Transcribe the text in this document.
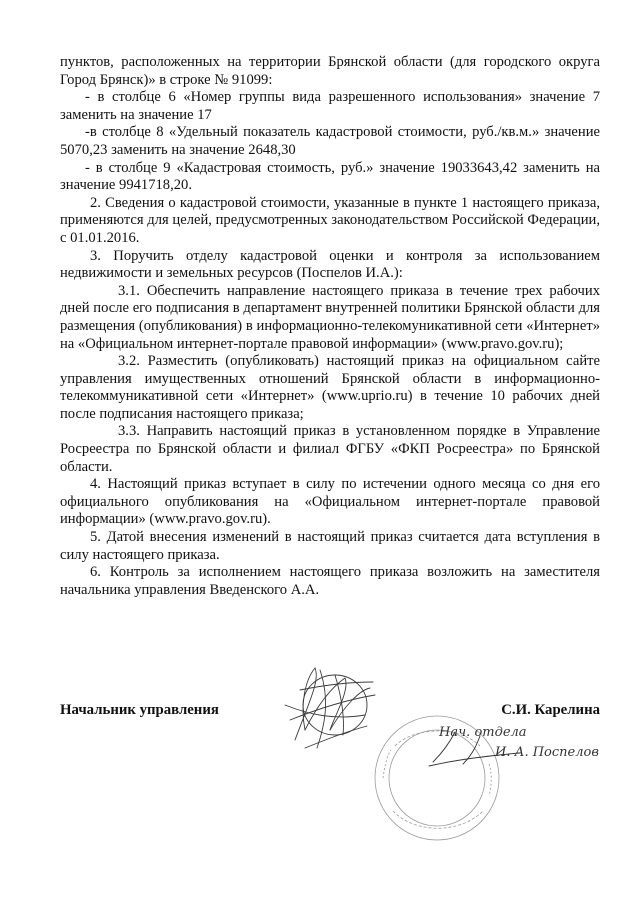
пунктов, расположенных на территории Брянской области (для городского округа Город Брянск)» в строке № 91099:

- в столбце 6 «Номер группы вида разрешенного использования» значение 7 заменить на значение 17

-в столбце 8 «Удельный показатель кадастровой стоимости, руб./кв.м.» значение 5070,23 заменить на значение 2648,30

- в столбце 9 «Кадастровая стоимость, руб.» значение 19033643,42 заменить на значение 9941718,20.

2. Сведения о кадастровой стоимости, указанные в пункте 1 настоящего приказа, применяются для целей, предусмотренных законодательством Российской Федерации, с 01.01.2016.

3. Поручить отделу кадастровой оценки и контроля за использованием недвижимости и земельных ресурсов (Поспелов И.А.):

3.1. Обеспечить направление настоящего приказа в течение трех рабочих дней после его подписания в департамент внутренней политики Брянской области для размещения (опубликования) в информационно-телекомуникативной сети «Интернет» на «Официальном интернет-портале правовой информации» (www.pravo.gov.ru);

3.2. Разместить (опубликовать) настоящий приказ на официальном сайте управления имущественных отношений Брянской области в информационно-телекоммуникативной сети «Интернет» (www.uprio.ru) в течение 10 рабочих дней после подписания настоящего приказа;

3.3. Направить настоящий приказ в установленном порядке в Управление Росреестра по Брянской области и филиал ФГБУ «ФКП Росреестра» по Брянской области.

4. Настоящий приказ вступает в силу по истечении одного месяца со дня его официального опубликования на «Официальном интернет-портале правовой информации» (www.pravo.gov.ru).

5. Датой внесения изменений в настоящий приказ считается дата вступления в силу настоящего приказа.

6. Контроль за исполнением настоящего приказа возложить на заместителя начальника управления Введенского А.А.

Начальник управления	С.И. Карелина
Нач. отдела
И. А. Поспелов
